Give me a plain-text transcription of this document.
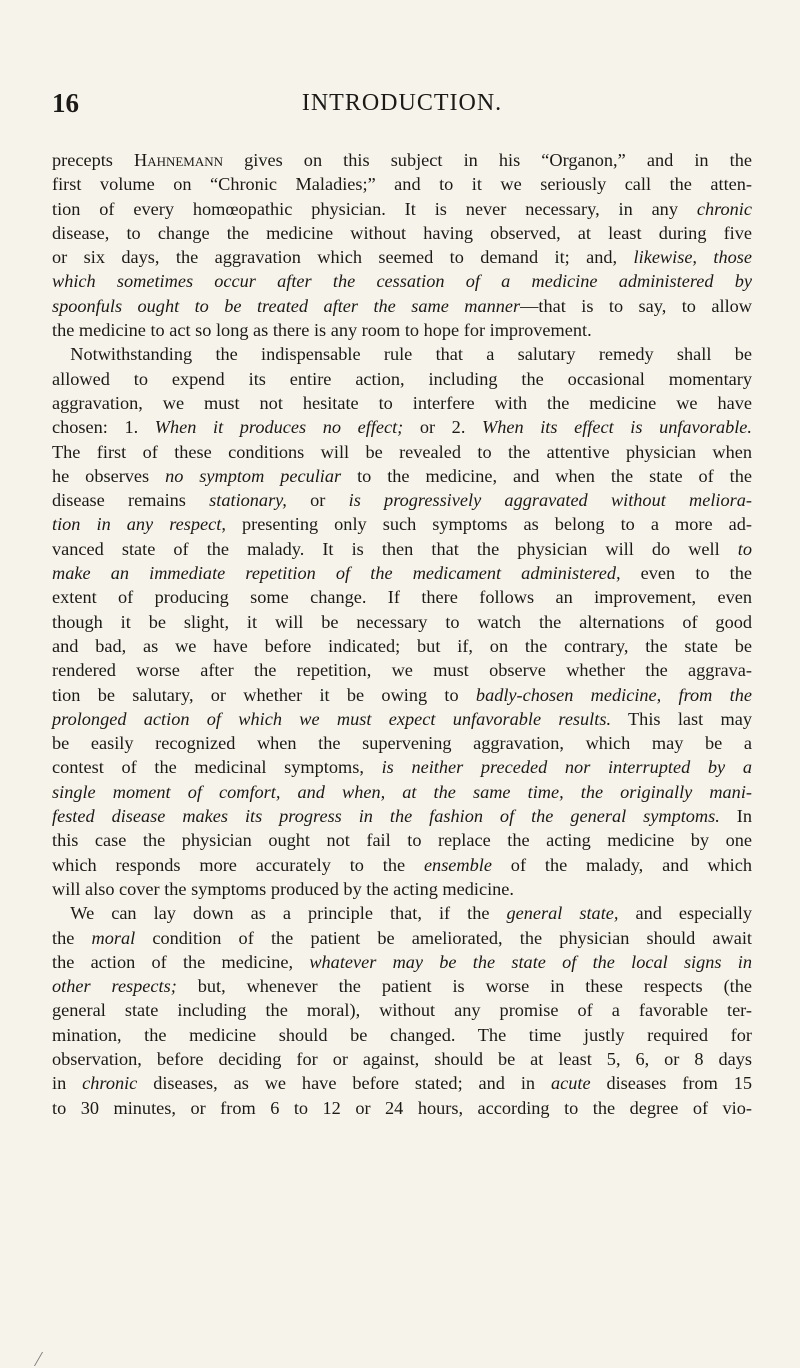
16	INTRODUCTION.
precepts Hahnemann gives on this subject in his “Organon,” and in the
first volume on “Chronic Maladies;” and to it we seriously call the atten-
tion of every homœopathic physician. It is never necessary, in any chronic
disease, to change the medicine without having observed, at least during five
or six days, the aggravation which seemed to demand it; and, likewise, those
which sometimes occur after the cessation of a medicine administered by
spoonfuls ought to be treated after the same manner—that is to say, to allow
the medicine to act so long as there is any room to hope for improvement.
 Notwithstanding the indispensable rule that a salutary remedy shall be
allowed to expend its entire action, including the occasional momentary
aggravation, we must not hesitate to interfere with the medicine we have
chosen: 1. When it produces no effect; or 2. When its effect is unfavorable.
The first of these conditions will be revealed to the attentive physician when
he observes no symptom peculiar to the medicine, and when the state of the
disease remains stationary, or is progressively aggravated without meliora-
tion in any respect, presenting only such symptoms as belong to a more ad-
vanced state of the malady. It is then that the physician will do well to
make an immediate repetition of the medicament administered, even to the
extent of producing some change. If there follows an improvement, even
though it be slight, it will be necessary to watch the alternations of good
and bad, as we have before indicated; but if, on the contrary, the state be
rendered worse after the repetition, we must observe whether the aggrava-
tion be salutary, or whether it be owing to badly-chosen medicine, from the
prolonged action of which we must expect unfavorable results. This last may
be easily recognized when the supervening aggravation, which may be a
contest of the medicinal symptoms, is neither preceded nor interrupted by a
single moment of comfort, and when, at the same time, the originally mani-
fested disease makes its progress in the fashion of the general symptoms. In
this case the physician ought not fail to replace the acting medicine by one
which responds more accurately to the ensemble of the malady, and which
will also cover the symptoms produced by the acting medicine.
 We can lay down as a principle that, if the general state, and especially
the moral condition of the patient be ameliorated, the physician should await
the action of the medicine, whatever may be the state of the local signs in
other respects; but, whenever the patient is worse in these respects (the
general state including the moral), without any promise of a favorable ter-
mination, the medicine should be changed. The time justly required for
observation, before deciding for or against, should be at least 5, 6, or 8 days
in chronic diseases, as we have before stated; and in acute diseases from 15
to 30 minutes, or from 6 to 12 or 24 hours, according to the degree of vio-
